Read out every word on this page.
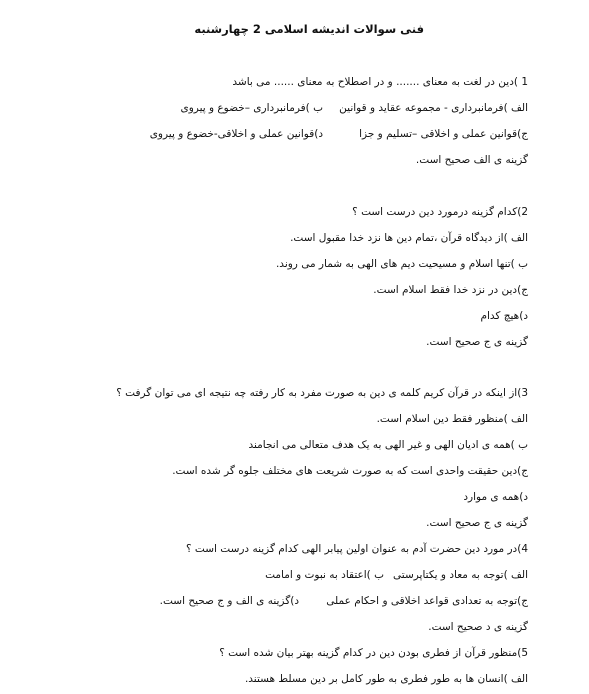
فنی سوالات اندیشه اسلامی 2 چهارشنبه
1 )دین در لغت به معنای ....... و در اصطلاح به معنای ...... می باشد
الف )فرمانبرداری - مجموعه عقاید و قوانین
ب )فرمانبرداری –خضوع و پیروی
ج)قوانین عملی و اخلاقی –تسلیم و جزا
د)قوانین عملی و اخلاقی-خضوع و پیروی
گزینه ی الف صحیح است.
2)کدام گزینه درمورد دین درست است ؟
الف )از دیدگاه قرآن ،تمام دین ها نزد خدا مقبول است.
ب )تنها اسلام و مسیحیت دیم های الهی به شمار می روند.
ج)دین در نزد خدا فقط اسلام است.
د)هیچ کدام
گزینه ی ج صحیح است.
3)از اینکه در قرآن کریم کلمه ی دین به صورت مفرد به کار رفته چه نتیجه ای می توان گرفت ؟
الف )منظور فقط دین اسلام است.
ب )همه ی ادیان الهی و غیر الهی به یک هدف متعالی می انجامند
ج)دین حقیقت واحدی است که به صورت شریعت های مختلف جلوه گر شده است.
د)همه ی موارد
گزینه ی ج صحیح است.
4)در مورد دین حضرت آدم به عنوان اولین پیابر الهی کدام گزینه درست است ؟
الف )توجه به معاد و یکتاپرستی
ب )اعتقاد به نبوت و امامت
ج)توجه به تعدادی قواعد اخلاقی و احکام عملی
د)گزینه ی الف و ج صحیح است.
گزینه ی د صحیح است.
5)منظور قرآن از فطری بودن دین در کدام گزینه بهتر بیان شده است ؟
الف )انسان ها به طور فطری به طور کامل بر دین مسلط هستند.
